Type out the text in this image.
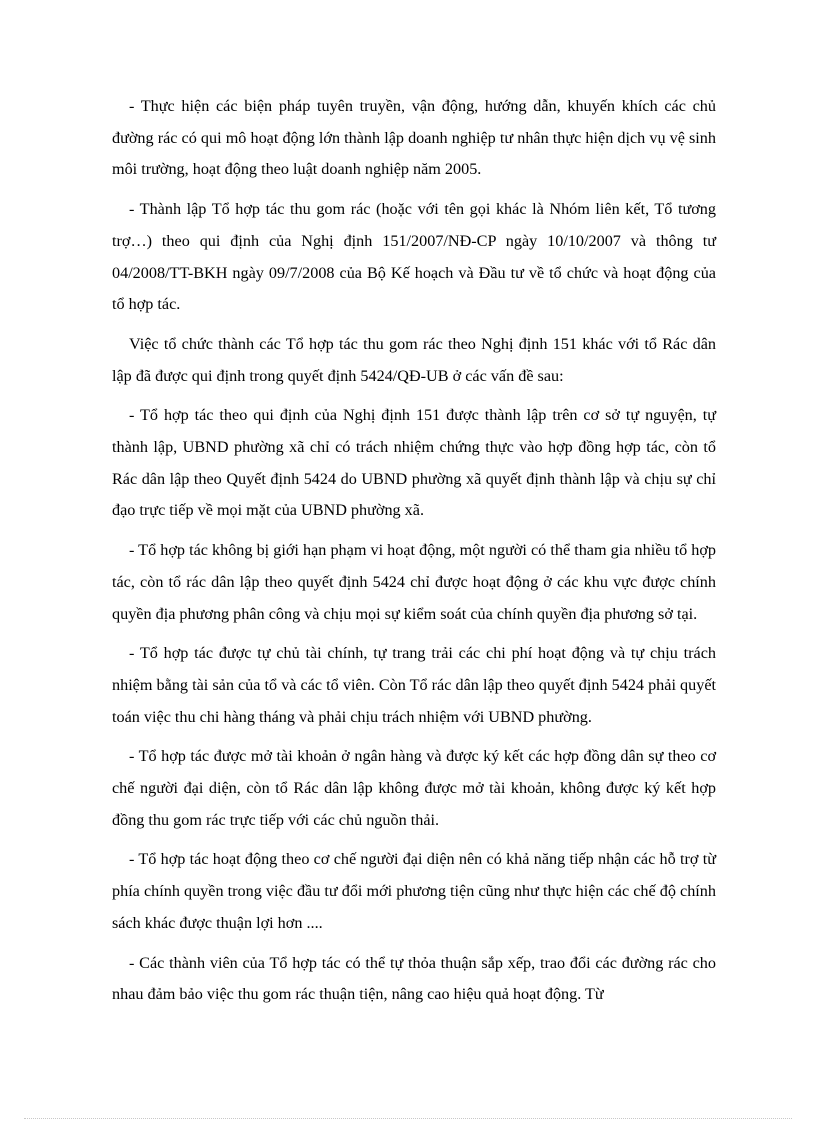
- Thực hiện các biện pháp tuyên truyền, vận động, hướng dẫn, khuyến khích các chủ đường rác có qui mô hoạt động lớn thành lập doanh nghiệp tư nhân thực hiện dịch vụ vệ sinh môi trường, hoạt động theo luật doanh nghiệp năm 2005.

- Thành lập Tổ hợp tác thu gom rác (hoặc với tên gọi khác là Nhóm liên kết, Tổ tương trợ…) theo qui định của Nghị định 151/2007/NĐ-CP ngày 10/10/2007 và thông tư 04/2008/TT-BKH ngày 09/7/2008 của Bộ Kế hoạch và Đầu tư về tổ chức và hoạt động của tổ hợp tác.

Việc tổ chức thành các Tổ hợp tác thu gom rác theo Nghị định 151 khác với tổ Rác dân lập đã được qui định trong quyết định 5424/QĐ-UB ở các vấn đề sau:

- Tổ hợp tác theo qui định của Nghị định 151 được thành lập trên cơ sở tự nguyện, tự thành lập, UBND phường xã chỉ có trách nhiệm chứng thực vào hợp đồng hợp tác, còn tổ Rác dân lập theo Quyết định 5424 do UBND phường xã quyết định thành lập và chịu sự chỉ đạo trực tiếp về mọi mặt của UBND phường xã.

- Tổ hợp tác không bị giới hạn phạm vi hoạt động, một người có thể tham gia nhiều tổ hợp tác, còn tổ rác dân lập theo quyết định 5424 chỉ được hoạt động ở các khu vực được chính quyền địa phương phân công và chịu mọi sự kiểm soát của chính quyền địa phương sở tại.

- Tổ hợp tác được tự chủ tài chính, tự trang trải các chi phí hoạt động và tự chịu trách nhiệm bằng tài sản của tổ và các tổ viên. Còn Tổ rác dân lập theo quyết định 5424 phải quyết toán việc thu chi hàng tháng và phải chịu trách nhiệm với UBND phường.

- Tổ hợp tác được mở tài khoản ở ngân hàng và được ký kết các hợp đồng dân sự theo cơ chế người đại diện, còn tổ Rác dân lập không được mở tài khoản, không được ký kết hợp đồng thu gom rác trực tiếp với các chủ nguồn thải.

- Tổ hợp tác hoạt động theo cơ chế người đại diện nên có khả năng tiếp nhận các hỗ trợ từ phía chính quyền trong việc đầu tư đổi mới phương tiện cũng như thực hiện các chế độ chính sách khác được thuận lợi hơn ....

- Các thành viên của Tổ hợp tác có thể tự thỏa thuận sắp xếp, trao đổi các đường rác cho nhau đảm bảo việc thu gom rác thuận tiện, nâng cao hiệu quả hoạt động. Từ
